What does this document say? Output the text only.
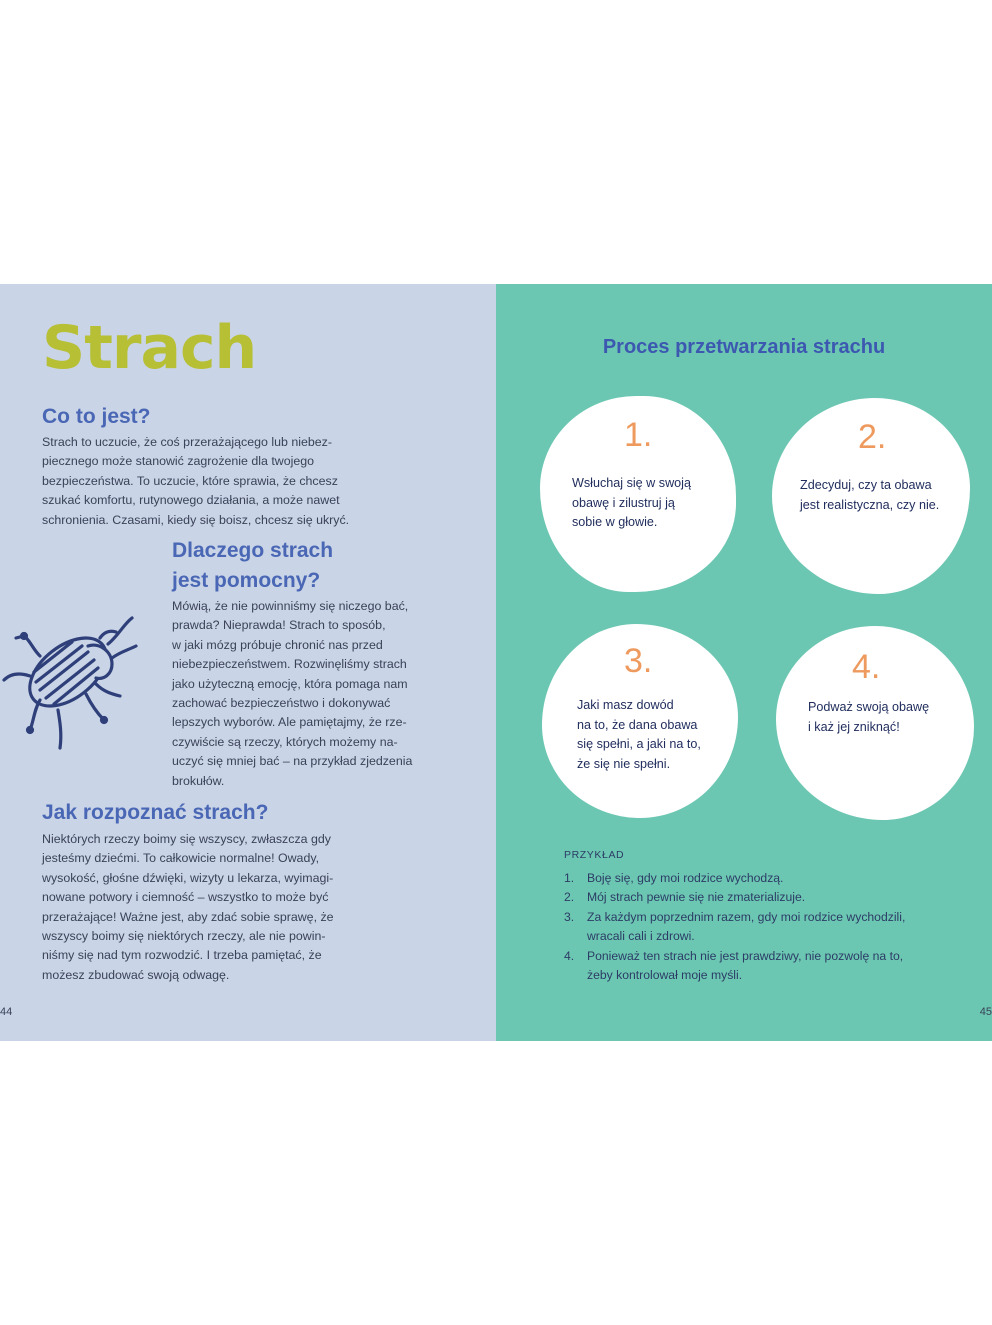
Strach
Co to jest?

Strach to uczucie, że coś przerażającego lub niebez-
piecznego może stanowić zagrożenie dla twojego
bezpieczeństwa. To uczucie, które sprawia, że chcesz
szukać komfortu, rutynowego działania, a może nawet
schronienia. Czasami, kiedy się boisz, chcesz się ukryć.

Dlaczego strach
jest pomocny?

Mówią, że nie powinniśmy się niczego bać,
prawda? Nieprawda! Strach to sposób,
w jaki mózg próbuje chronić nas przed
niebezpieczeństwem. Rozwinęliśmy strach
jako użyteczną emocję, która pomaga nam
zachować bezpieczeństwo i dokonywać
lepszych wyborów. Ale pamiętajmy, że rze-
czywiście są rzeczy, których możemy na-
uczyć się mniej bać – na przykład zjedzenia
brokułów.

Jak rozpoznać strach?

Niektórych rzeczy boimy się wszyscy, zwłaszcza gdy
jesteśmy dziećmi. To całkowicie normalne! Owady,
wysokość, głośne dźwięki, wizyty u lekarza, wyimagi-
nowane potwory i ciemność – wszystko to może być
przerażające! Ważne jest, aby zdać sobie sprawę, że
wszyscy boimy się niektórych rzeczy, ale nie powin-
niśmy się nad tym rozwodzić. I trzeba pamiętać, że
możesz zbudować swoją odwagę.

44
Proces przetwarzania strachu
1.
Wsłuchaj się w swoją
obawę i zilustruj ją
sobie w głowie.
2.
Zdecyduj, czy ta obawa
jest realistyczna, czy nie.
3.
Jaki masz dowód
na to, że dana obawa
się spełni, a jaki na to,
że się nie spełni.
4.
Podważ swoją obawę
i każ jej zniknąć!

PRZYKŁAD

1. Boję się, gdy moi rodzice wychodzą.
2. Mój strach pewnie się nie zmaterializuje.
3. Za każdym poprzednim razem, gdy moi rodzice wychodzili,
wracali cali i zdrowi.
4. Ponieważ ten strach nie jest prawdziwy, nie pozwolę na to,
żeby kontrolował moje myśli.
45
